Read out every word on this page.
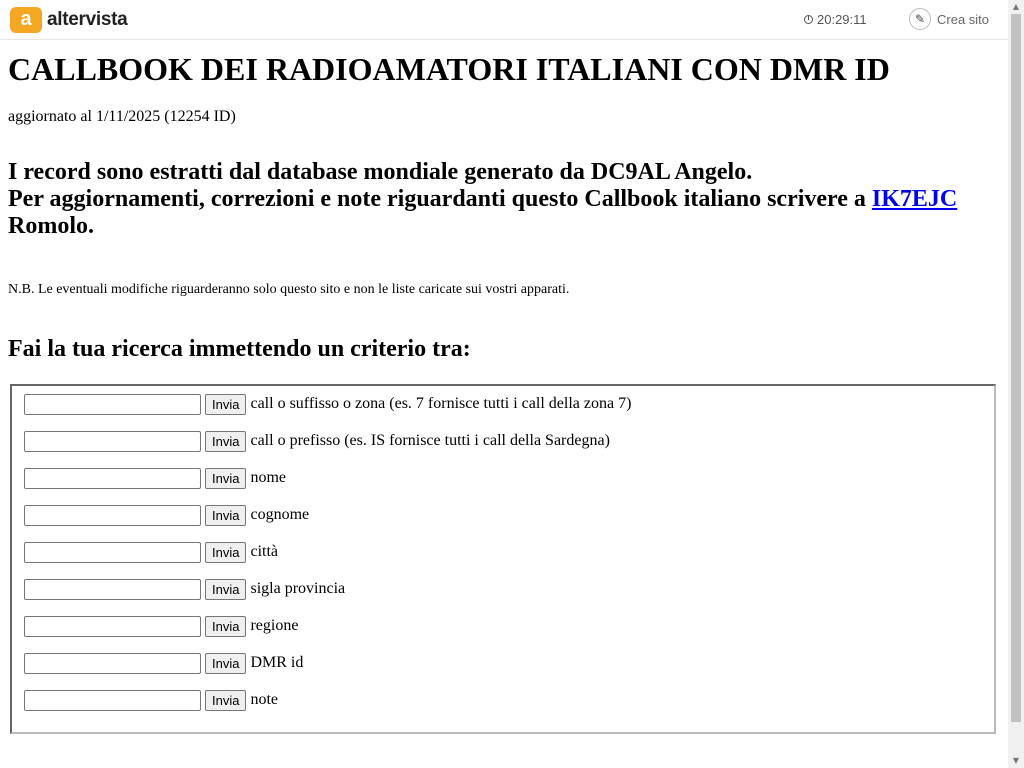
a altervista	20:29:11	✎ Crea sito
CALLBOOK DEI RADIOAMATORI ITALIANI CON DMR ID

aggiornato al 1/11/2025 (12254 ID)

I record sono estratti dal database mondiale generato da DC9AL Angelo.
Per aggiornamenti, correzioni e note riguardanti questo Callbook italiano scrivere a IK7EJC Romolo.

N.B. Le eventuali modifiche riguarderanno solo questo sito e non le liste caricate sui vostri apparati.

Fai la tua ricerca immettendo un criterio tra:
Invia call o suffisso o zona (es. 7 fornisce tutti i call della zona 7)
Invia call o prefisso (es. IS fornisce tutti i call della Sardegna)
Invia nome
Invia cognome
Invia città
Invia sigla provincia
Invia regione
Invia DMR id
Invia note
▲
▼
